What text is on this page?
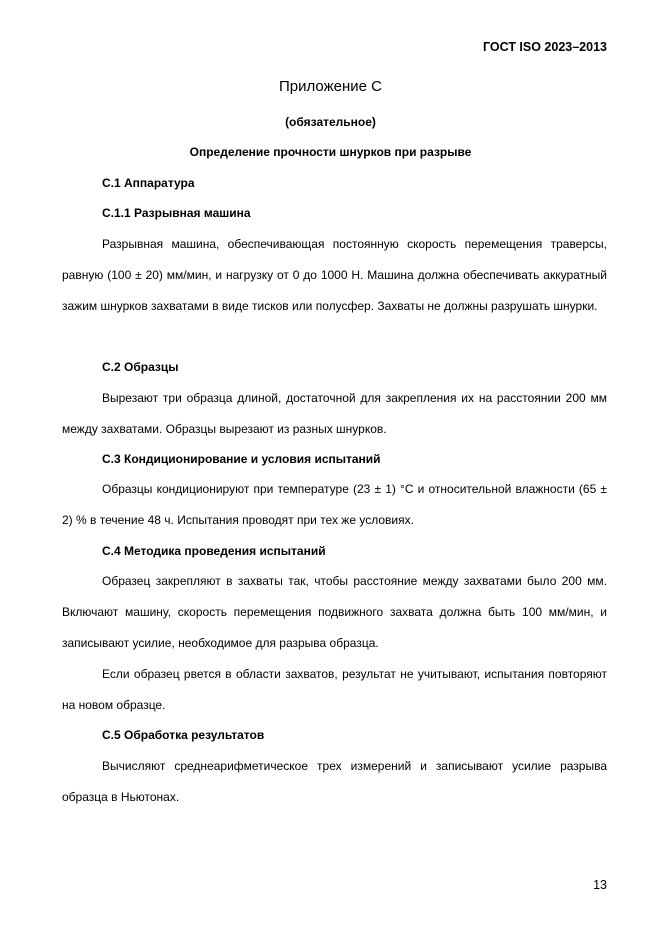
ГОСТ ISO 2023–2013
Приложение С
(обязательное)
Определение прочности шнурков при разрыве
С.1 Аппаратура
С.1.1 Разрывная машина

Разрывная машина, обеспечивающая постоянную скорость перемещения траверсы, равную (100 ± 20) мм/мин, и нагрузку от 0 до 1000 Н. Машина должна обеспечивать аккуратный зажим шнурков захватами в виде тисков или полусфер. Захваты не должны разрушать шнурки.

С.2 Образцы

Вырезают три образца длиной, достаточной для закрепления их на расстоянии 200 мм между захватами. Образцы вырезают из разных шнурков.

С.3 Кондиционирование и условия испытаний

Образцы кондиционируют при температуре (23 ± 1) °С и относительной влажности (65 ± 2) % в течение 48 ч. Испытания проводят при тех же условиях.

С.4 Методика проведения испытаний

Образец закрепляют в захваты так, чтобы расстояние между захватами было 200 мм. Включают машину, скорость перемещения подвижного захвата должна быть 100 мм/мин, и записывают усилие, необходимое для разрыва образца.

Если образец рвется в области захватов, результат не учитывают, испытания повторяют на новом образце.

С.5 Обработка результатов

Вычисляют среднеарифметическое трех измерений и записывают усилие разрыва образца в Ньютонах.

13
